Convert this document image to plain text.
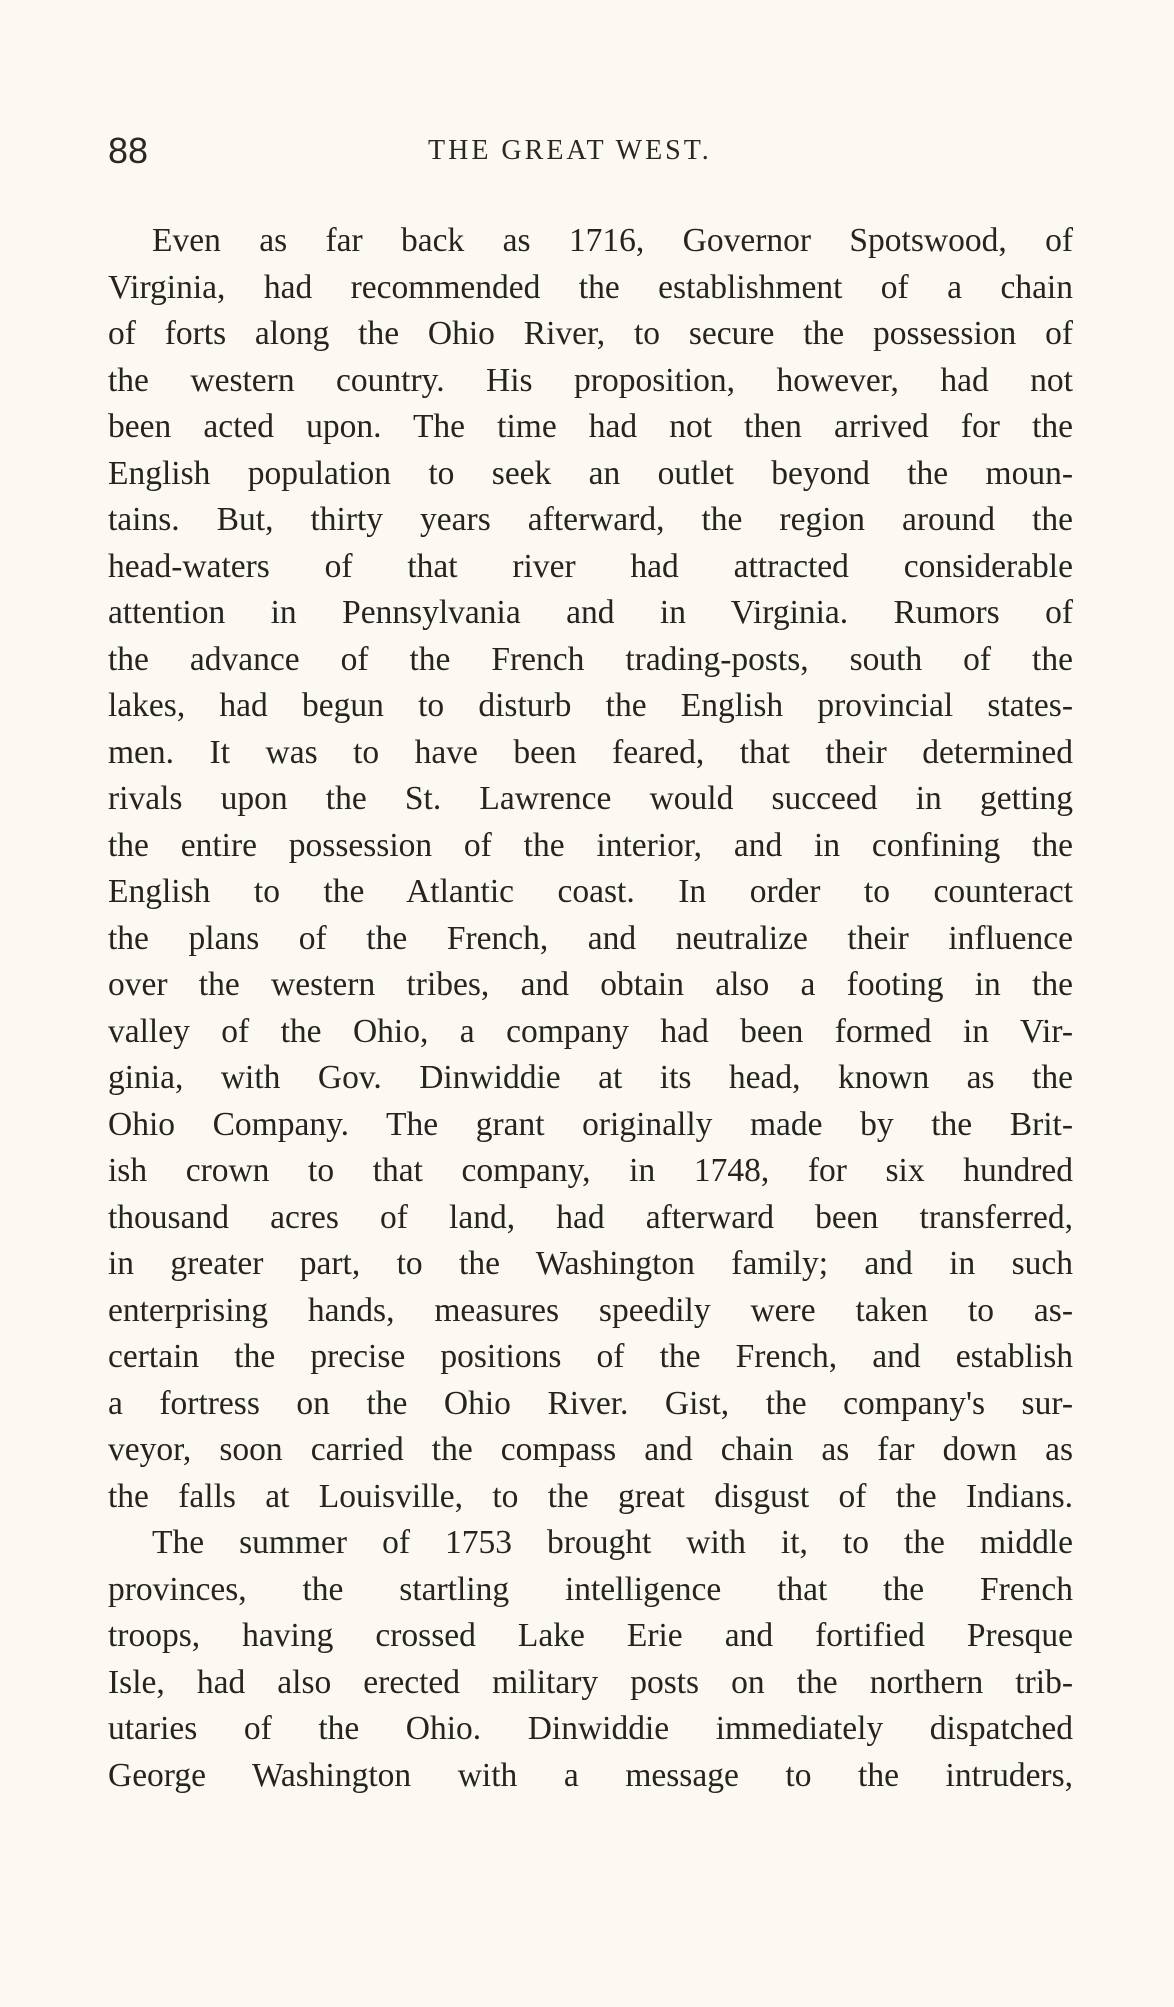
88	THE GREAT WEST.
Even as far back as 1716, Governor Spotswood, of
Virginia, had recommended the establishment of a chain
of forts along the Ohio River, to secure the possession of
the western country. His proposition, however, had not
been acted upon. The time had not then arrived for the
English population to seek an outlet beyond the moun-
tains. But, thirty years afterward, the region around the
head-waters of that river had attracted considerable
attention in Pennsylvania and in Virginia. Rumors of
the advance of the French trading-posts, south of the
lakes, had begun to disturb the English provincial states-
men. It was to have been feared, that their determined
rivals upon the St. Lawrence would succeed in getting
the entire possession of the interior, and in confining the
English to the Atlantic coast. In order to counteract
the plans of the French, and neutralize their influence
over the western tribes, and obtain also a footing in the
valley of the Ohio, a company had been formed in Vir-
ginia, with Gov. Dinwiddie at its head, known as the
Ohio Company. The grant originally made by the Brit-
ish crown to that company, in 1748, for six hundred
thousand acres of land, had afterward been transferred,
in greater part, to the Washington family; and in such
enterprising hands, measures speedily were taken to as-
certain the precise positions of the French, and establish
a fortress on the Ohio River. Gist, the company's sur-
veyor, soon carried the compass and chain as far down as
the falls at Louisville, to the great disgust of the Indians.
The summer of 1753 brought with it, to the middle
provinces, the startling intelligence that the French
troops, having crossed Lake Erie and fortified Presque
Isle, had also erected military posts on the northern trib-
utaries of the Ohio. Dinwiddie immediately dispatched
George Washington with a message to the intruders,
